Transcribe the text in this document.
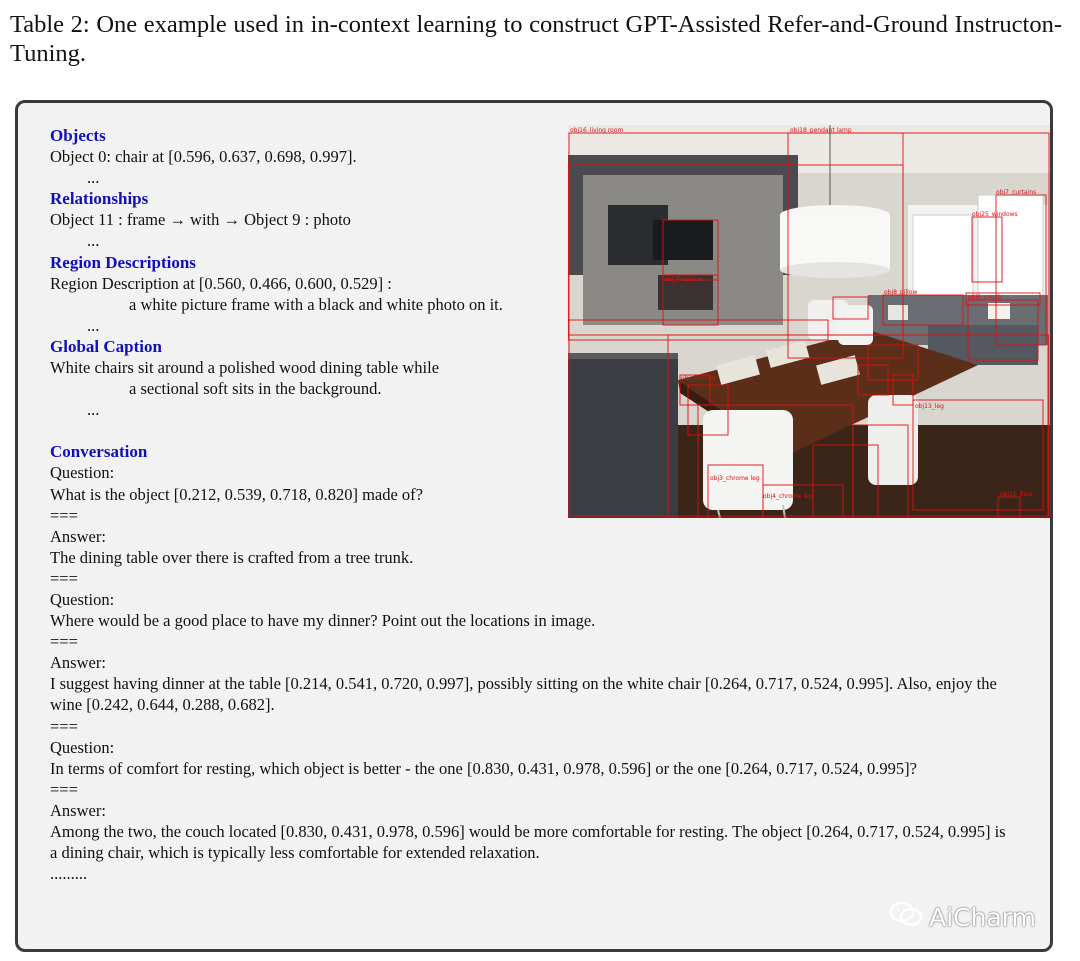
Table 2: One example used in in-context learning to construct GPT-Assisted Refer-and-Ground Instructon-Tuning.
Objects
Object 0: chair at [0.596, 0.637, 0.698, 0.997].
...
Relationships
Object 11 : frame → with → Object 9 : photo
...
Region Descriptions
Region Description at [0.560, 0.466, 0.600, 0.529] :
a white picture frame with a black and white photo on it.
...
Global Caption
White chairs sit around a polished wood dining table while
a sectional soft sits in the background.
...
Conversation
Question:
What is the object [0.212, 0.539, 0.718, 0.820] made of?
===
Answer:
The dining table over there is crafted from a tree trunk.
===
Question:
Where would be a good place to have my dinner? Point out the locations in image.
===
Answer:
I suggest having dinner at the table [0.214, 0.541, 0.720, 0.997], possibly sitting on the white chair [0.264, 0.717, 0.524, 0.995]. Also, enjoy the wine [0.242, 0.644, 0.288, 0.682].
===
Question:
In terms of comfort for resting, which object is better - the one [0.830, 0.431, 0.978, 0.596] or the one [0.264, 0.717, 0.524, 0.995]?
===
Answer:
Among the two, the couch located [0.830, 0.431, 0.978, 0.596] would be more comfortable for resting. The object [0.264, 0.717, 0.524, 0.995] is a dining chair, which is typically less comfortable for extended relaxation.
.........
obj16_living room	obj18_pendant lamp
obj7_curtains
obj25_windows
obj8_pillow
obj6_couch
obj3_chrome leg
obj10_floor
obj13_leg
obj4_chrome leg
obj_chrome
obj_fireplace
AiCharm
